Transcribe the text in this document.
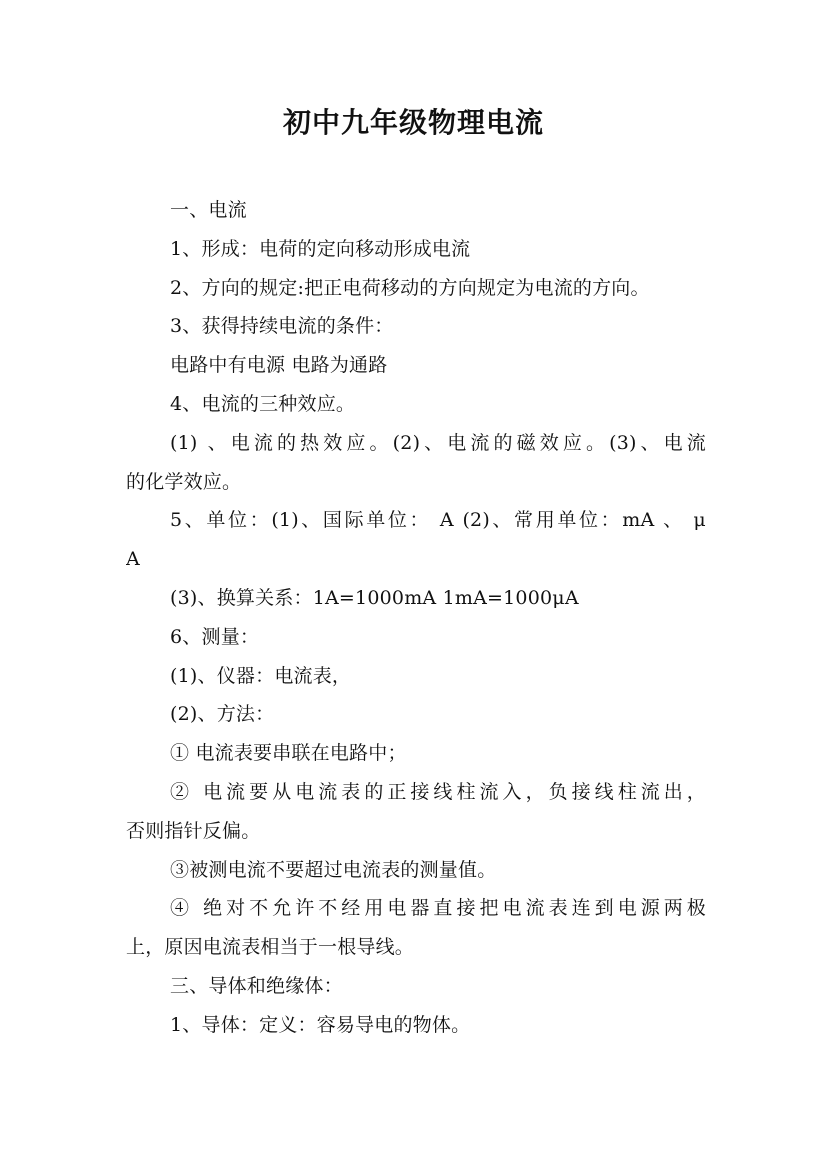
初中九年级物理电流

一、电流

1、形成：电荷的定向移动形成电流

2、方向的规定:把正电荷移动的方向规定为电流的方向。

3、获得持续电流的条件：

电路中有电源 电路为通路

4、电流的三种效应。

(1) 、电流的热效应。(2)、电流的磁效应。(3)、电流

的化学效应。

5、单位：(1)、国际单位： A (2)、常用单位：mA 、 μ

A

(3)、换算关系：1A=1000mA 1mA=1000μA

6、测量：

(1)、仪器：电流表，

(2)、方法：

① 电流表要串联在电路中；

② 电流要从电流表的正接线柱流入，负接线柱流出，

否则指针反偏。

③被测电流不要超过电流表的测量值。

④ 绝对不允许不经用电器直接把电流表连到电源两极

上，原因电流表相当于一根导线。

三、导体和绝缘体：

1、导体：定义：容易导电的物体。
